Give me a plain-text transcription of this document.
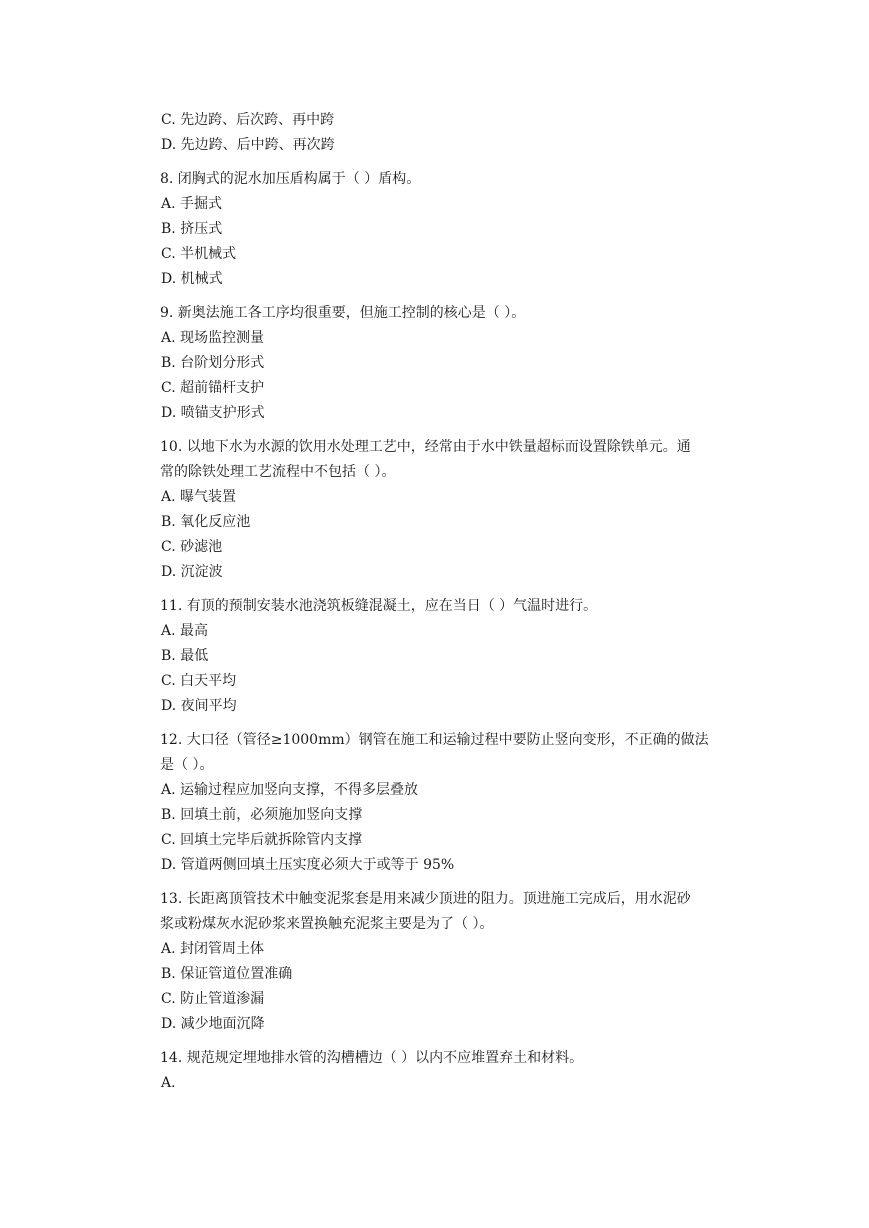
C. 先边跨、后次跨、再中跨
D. 先边跨、后中跨、再次跨
8. 闭胸式的泥水加压盾构属于（ ）盾构。
A. 手掘式
B. 挤压式
C. 半机械式
D. 机械式
9. 新奥法施工各工序均很重要，但施工控制的核心是（ ）。
A. 现场监控测量
B. 台阶划分形式
C. 超前锚杆支护
D. 喷锚支护形式
10. 以地下水为水源的饮用水处理工艺中，经常由于水中铁量超标而设置除铁单元。通
常的除铁处理工艺流程中不包括（ ）。
A. 曝气装置
B. 氧化反应池
C. 砂滤池
D. 沉淀波
11. 有顶的预制安装水池浇筑板缝混凝土，应在当日（ ）气温时进行。
A. 最高
B. 最低
C. 白天平均
D. 夜间平均
12. 大口径（管径≥1000mm）钢管在施工和运输过程中要防止竖向变形，不正确的做法
是（ ）。
A. 运输过程应加竖向支撑，不得多层叠放
B. 回填土前，必须施加竖向支撑
C. 回填土完毕后就拆除管内支撑
D. 管道两侧回填土压实度必须大于或等于 95%
13. 长距离顶管技术中触变泥浆套是用来减少顶进的阻力。顶进施工完成后，用水泥砂
浆或粉煤灰水泥砂浆来置换触充泥浆主要是为了（ ）。
A. 封闭管周土体
B. 保证管道位置准确
C. 防止管道渗漏
D. 减少地面沉降
14. 规范规定埋地排水管的沟槽槽边（ ）以内不应堆置弃土和材料。
A.
